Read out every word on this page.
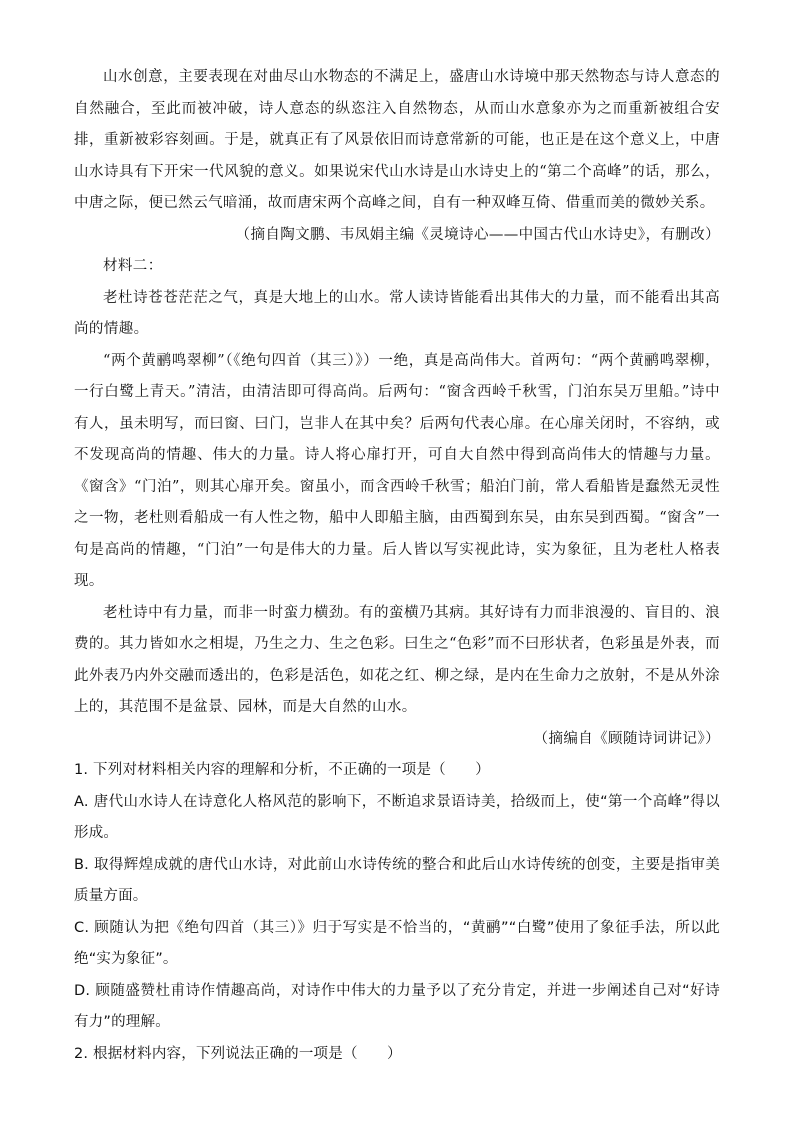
山水创意，主要表现在对曲尽山水物态的不满足上，盛唐山水诗境中那天然物态与诗人意态的自然融合，至此而被冲破，诗人意态的纵恣注入自然物态，从而山水意象亦为之而重新被组合安排，重新被彩容刻画。于是，就真正有了风景依旧而诗意常新的可能，也正是在这个意义上，中唐山水诗具有下开宋一代风貌的意义。如果说宋代山水诗是山水诗史上的“第二个高峰”的话，那么，中唐之际，便已然云气暗涌，故而唐宋两个高峰之间，自有一种双峰互倚、借重而美的微妙关系。

（摘自陶文鹏、韦凤娟主编《灵境诗心——中国古代山水诗史》，有删改）

材料二：

老杜诗苍苍茫茫之气，真是大地上的山水。常人读诗皆能看出其伟大的力量，而不能看出其高尚的情趣。

“两个黄鹂鸣翠柳”（《绝句四首（其三）》）一绝，真是高尚伟大。首两句：“两个黄鹂鸣翠柳，一行白鹭上青天。”清洁，由清洁即可得高尚。后两句：“窗含西岭千秋雪，门泊东吴万里船。”诗中有人，虽未明写，而曰窗、曰门，岂非人在其中矣？后两句代表心扉。在心扉关闭时，不容纳，或不发现高尚的情趣、伟大的力量。诗人将心扉打开，可自大自然中得到高尚伟大的情趣与力量。《窗含》“门泊”，则其心扉开矣。窗虽小，而含西岭千秋雪；船泊门前，常人看船皆是蠢然无灵性之一物，老杜则看船成一有人性之物，船中人即船主脑，由西蜀到东吴，由东吴到西蜀。“窗含”一句是高尚的情趣，“门泊”一句是伟大的力量。后人皆以写实视此诗，实为象征，且为老杜人格表现。

老杜诗中有力量，而非一时蛮力横劲。有的蛮横乃其病。其好诗有力而非浪漫的、盲目的、浪费的。其力皆如水之相堤，乃生之力、生之色彩。曰生之“色彩”而不曰形状者，色彩虽是外表，而此外表乃内外交融而透出的，色彩是活色，如花之红、柳之绿，是内在生命力之放射，不是从外涂上的，其范围不是盆景、园林，而是大自然的山水。

（摘编自《顾随诗词讲记》）

1. 下列对材料相关内容的理解和分析，不正确的一项是（　　）

A. 唐代山水诗人在诗意化人格风范的影响下，不断追求景语诗美，拾级而上，使“第一个高峰”得以形成。

B. 取得辉煌成就的唐代山水诗，对此前山水诗传统的整合和此后山水诗传统的创变，主要是指审美质量方面。

C. 顾随认为把《绝句四首（其三）》归于写实是不恰当的，“黄鹂”“白鹭”使用了象征手法，所以此绝“实为象征”。

D. 顾随盛赞杜甫诗作情趣高尚，对诗作中伟大的力量予以了充分肯定，并进一步阐述自己对“好诗有力”的理解。

2. 根据材料内容，下列说法正确的一项是（　　）
